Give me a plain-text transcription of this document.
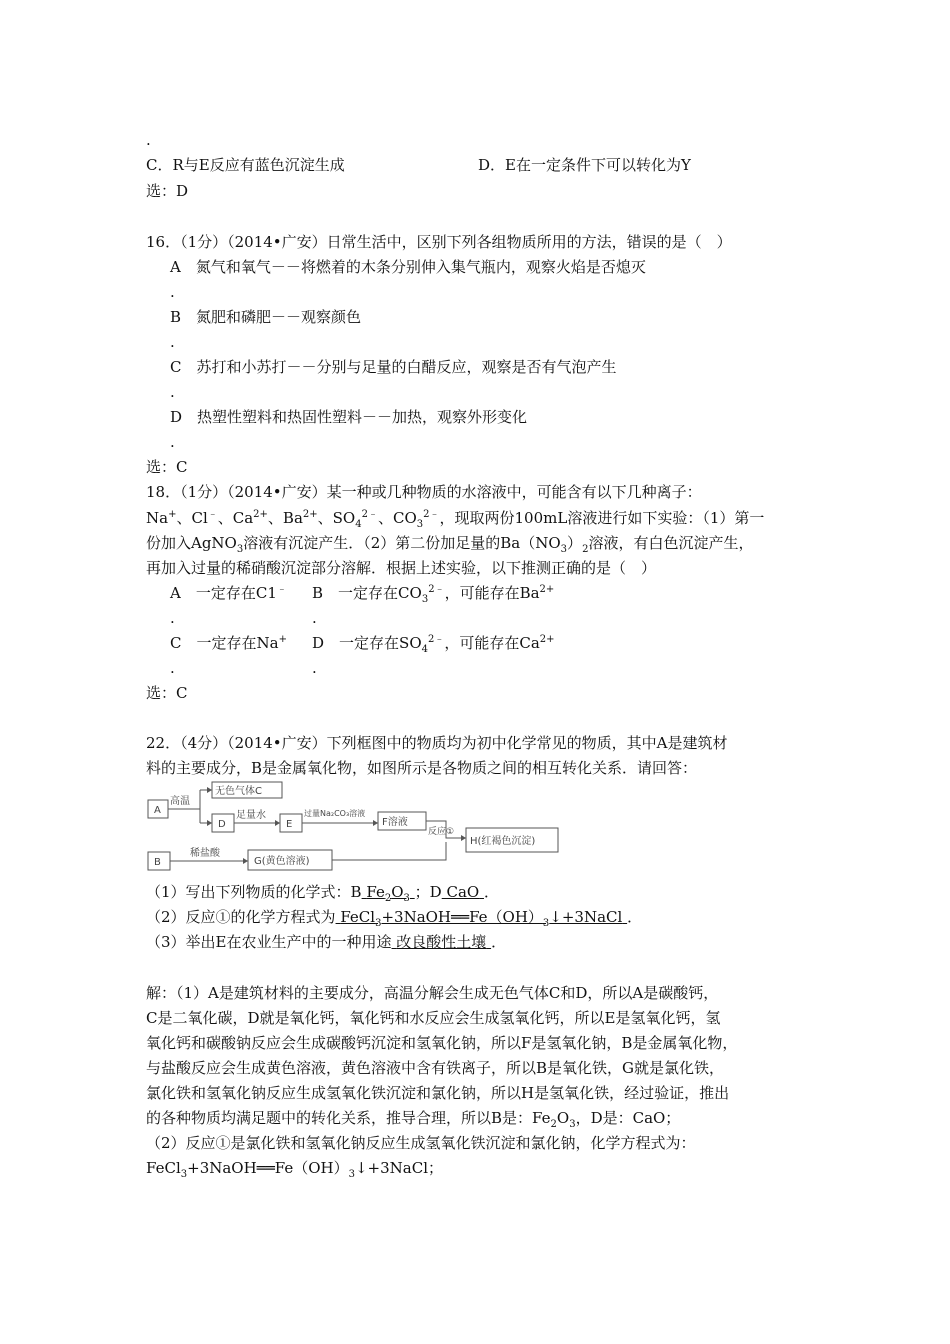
.
C．R与E反应有蓝色沉淀生成	D．E在一定条件下可以转化为Y
选：D
16．（1分）（2014•广安）日常生活中，区别下列各组物质所用的方法，错误的是（　）
A　 氮气和氧气－－将燃着的木条分别伸入集气瓶内，观察火焰是否熄灭
.
B　 氮肥和磷肥－－观察颜色
.
C　 苏打和小苏打－－分别与足量的白醋反应，观察是否有气泡产生
.
D　 热塑性塑料和热固性塑料－－加热，观察外形变化
.
选：C
18．（1分）（2014•广安）某一种或几种物质的水溶液中，可能含有以下几种离子：
Na+、Cl﹣、$Ca^{2+}$、$Ba^{2+}$、$SO_4^{2﹣}$、$CO_3^{2﹣}$，现取两份100mL溶液进行如下实验：（1）第一
份加入AgNO$_3$溶液有沉淀产生．（2）第二份加足量的$Ba(NO_3)_2$溶液，有白色沉淀产生，
再加入过量的稀硝酸沉淀部分溶解．根据上述实验，以下推测正确的是（　）
A　 一定存在C1﹣ B　 一定存在$CO_3^{2﹣}$，可能存在$Ba^{2+}$
.	.
C　 一定存在Na+ D　 一定存在$SO_4^{2﹣}$，可能存在$Ca^{2+}$
.	.
选：C
22．（4分）（2014•广安）下列框图中的物质均为初中化学常见的物质，其中A是建筑材
料的主要成分，B是金属氧化物，如图所示是各物质之间的相互转化关系．请回答：
A
高温
无色气体C
D
足量水
E
过量Na₂CO₃溶液
F溶液
反应①
H(红褐色沉淀)
B
稀盐酸
G(黄色溶液)
（1）写出下列物质的化学式：B $Fe_2O_3$ ；D CaO ．
（2）反应①的化学方程式为 $FeCl_3+3NaOH══Fe(OH)_3↓+3NaCl$ ．
（3）举出E在农业生产中的一种用途 改良酸性土壤 ．
解：（1）A是建筑材料的主要成分，高温分解会生成无色气体C和D，所以A是碳酸钙，
C是二氧化碳，D就是氧化钙，氧化钙和水反应会生成氢氧化钙，所以E是氢氧化钙，氢
氧化钙和碳酸钠反应会生成碳酸钙沉淀和氢氧化钠，所以F是氢氧化钠，B是金属氧化物，
与盐酸反应会生成黄色溶液，黄色溶液中含有铁离子，所以B是氧化铁，G就是氯化铁，
氯化铁和氢氧化钠反应生成氢氧化铁沉淀和氯化钠，所以H是氢氧化铁，经过验证，推出
的各种物质均满足题中的转化关系，推导合理，所以B是：$Fe_2O_3$，D是：CaO；
（2）反应①是氯化铁和氢氧化钠反应生成氢氧化铁沉淀和氯化钠，化学方程式为：
$FeCl_3+3NaOH══Fe(OH)_3↓+3NaCl$；
